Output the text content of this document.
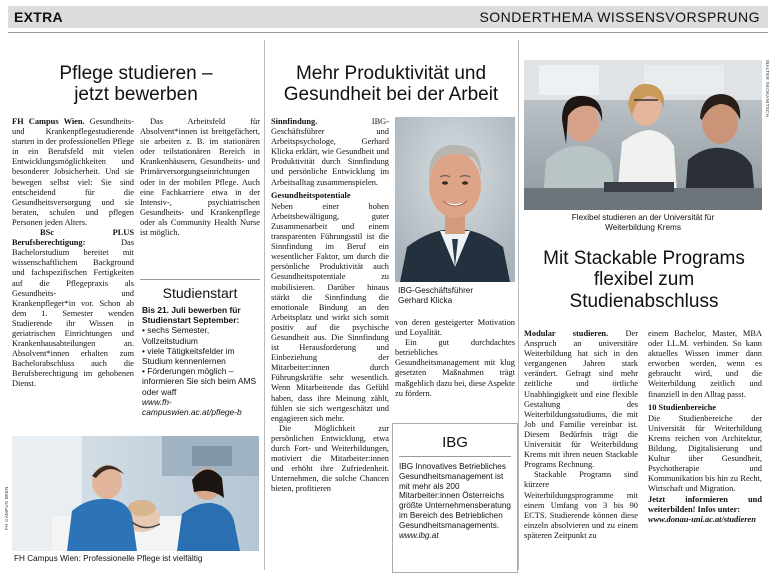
EXTRA	SONDERTHEMA WISSENSVORSPRUNG
Pflege studieren –
jetzt bewerben
FH Campus Wien. Gesundheits- und Krankenpflegestudierende starten in der professionellen Pflege in ein Berufsfeld mit vielen Entwicklungsmöglichkeiten und besonderer Jobsicherheit. Und sie bewegen selbst viel: Sie sind entscheidend für die Gesundheitsversorgung und sie beraten, schulen und pflegen Personen jeden Alters.
BSc PLUS Berufsberechtigung: Das Bachelorstudium bereitet mit wissenschaftlichem Background und fachspezifischen Fertigkeiten auf die Pflegepraxis als Gesundheits- und Krankenpfleger*in vor. Schon ab dem 1. Semester wenden Studierende ihr Wissen in geriatrischen Einrichtungen und Krankenhausabteilungen an. Absolvent*innen erhalten zum Bachelorabschluss auch die Berufsberechtigung im gehobenen Dienst.
Das Arbeitsfeld für Absolvent*innen ist breitgefächert, sie arbeiten z. B. im stationären oder teilstationären Bereich in Krankenhäusern, Gesundheits- und Primärversorgungseinrichtungen oder in der mobilen Pflege. Auch eine Fachkarriere etwa in der Intensiv-, psychiatrischen Gesundheits- und Krankenpflege oder als Community Health Nurse ist möglich.
Studienstart
Bis 21. Juli bewerben für Studienstart September:
• sechs Semester, Vollzeitstudium
• viele Tätigkeitsfelder im Studium kennenlernen
• Förderungen möglich – informieren Sie sich beim AMS oder waff
www.fh-campuswien.ac.at/pflege-b
FH CAMPUS WIEN
FH Campus Wien: Professionelle Pflege ist vielfältig
Mehr Produktivität und
Gesundheit bei der Arbeit
Sinnfindung. IBG-Geschäftsführer und Arbeitspsychologe, Gerhard Klicka erklärt, wie Gesundheit und Produktivität durch Sinnfindung und persönliche Entwicklung im Arbeitsalltag zusammenspielen.
Gesundheitspotentiale
Neben einer hohen Arbeitsbewältigung, guter Zusammenarbeit und einem transparenten Führungsstil ist die Sinnfindung im Beruf ein wesentlicher Faktor, um durch die persönliche Produktivität auch Gesundheitspotentiale zu mobilisieren. Darüber hinaus stärkt die Sinnfindung die emotionale Bindung an den Arbeitsplatz und wirkt sich somit positiv auf die psychische Gesundheit aus. Die Sinnfindung ist Herausforderung und Einbeziehung der Mitarbeiter:innen durch Führungskräfte sehr wesentlich. Wenn Mitarbeitende das Gefühl haben, dass ihre Meinung zählt, fühlen sie sich wertgeschätzt und engagieren sich mehr.
Die Möglichkeit zur persönlichen Entwicklung, etwa durch Fort- und Weiterbildungen, motiviert die Mitarbeiter:innen und erhöht ihre Zufriedenheit. Unternehmen, die solche Chancen bieten, profitieren
IBG-Geschäftsführer
Gerhard Klicka
von deren gesteigerter Motivation und Loyalität.
Ein gut durchdachtes betriebliches Gesundheitsmanagement mit klug gesetzten Maßnahmen trägt maßgeblich dazu bei, diese Aspekte zu fördern.
IBG
IBG Innovatives Betriebliches Gesundheitsmanagement ist mit mehr als 200 Mitarbeiter:innen Österreichs größte Unternehmensberatung im Bereich des Betrieblichen Gesundheitsmanagements.
www.ibg.at
WALTER SKOKANITSCH
Flexibel studieren an der Universität für
Weiterbildung Krems
Mit Stackable Programs
flexibel zum
Studienabschluss
Modular studieren. Der Anspruch an universitäre Weiterbildung hat sich in den vergangenen Jahren stark verändert. Gefragt sind mehr zeitliche und örtliche Unabhängigkeit und eine flexible Gestaltung des Weiterbildungsstudiums, die mit Job und Familie vereinbar ist. Diesem Bedürfnis trägt die Universität für Weiterbildung Krems mit ihren neuen Stackable Programs Rechnung.
Stackable Programs sind kürzere Weiterbildungsprogramme mit einem Umfang von 3 bis 90 ECTS. Studierende können diese einzeln absolvieren und zu einem späteren Zeitpunkt zu
einem Bachelor, Master, MBA oder LL.M. verbinden. So kann aktuelles Wissen immer dann erworben werden, wenn es gebraucht wird, und die Weiterbildung zeitlich und finanziell in den Alltag passt.
10 Studienbereiche
Die Studienbereiche der Universität für Weiterbildung Krems reichen von Architektur, Bildung, Digitalisierung und Kultur über Gesundheit, Psychotherapie und Kommunikation bis hin zu Recht, Wirtschaft und Migration.
Jetzt informieren und weiterbilden! Infos unter:
www.donau-uni.ac.at/studieren
